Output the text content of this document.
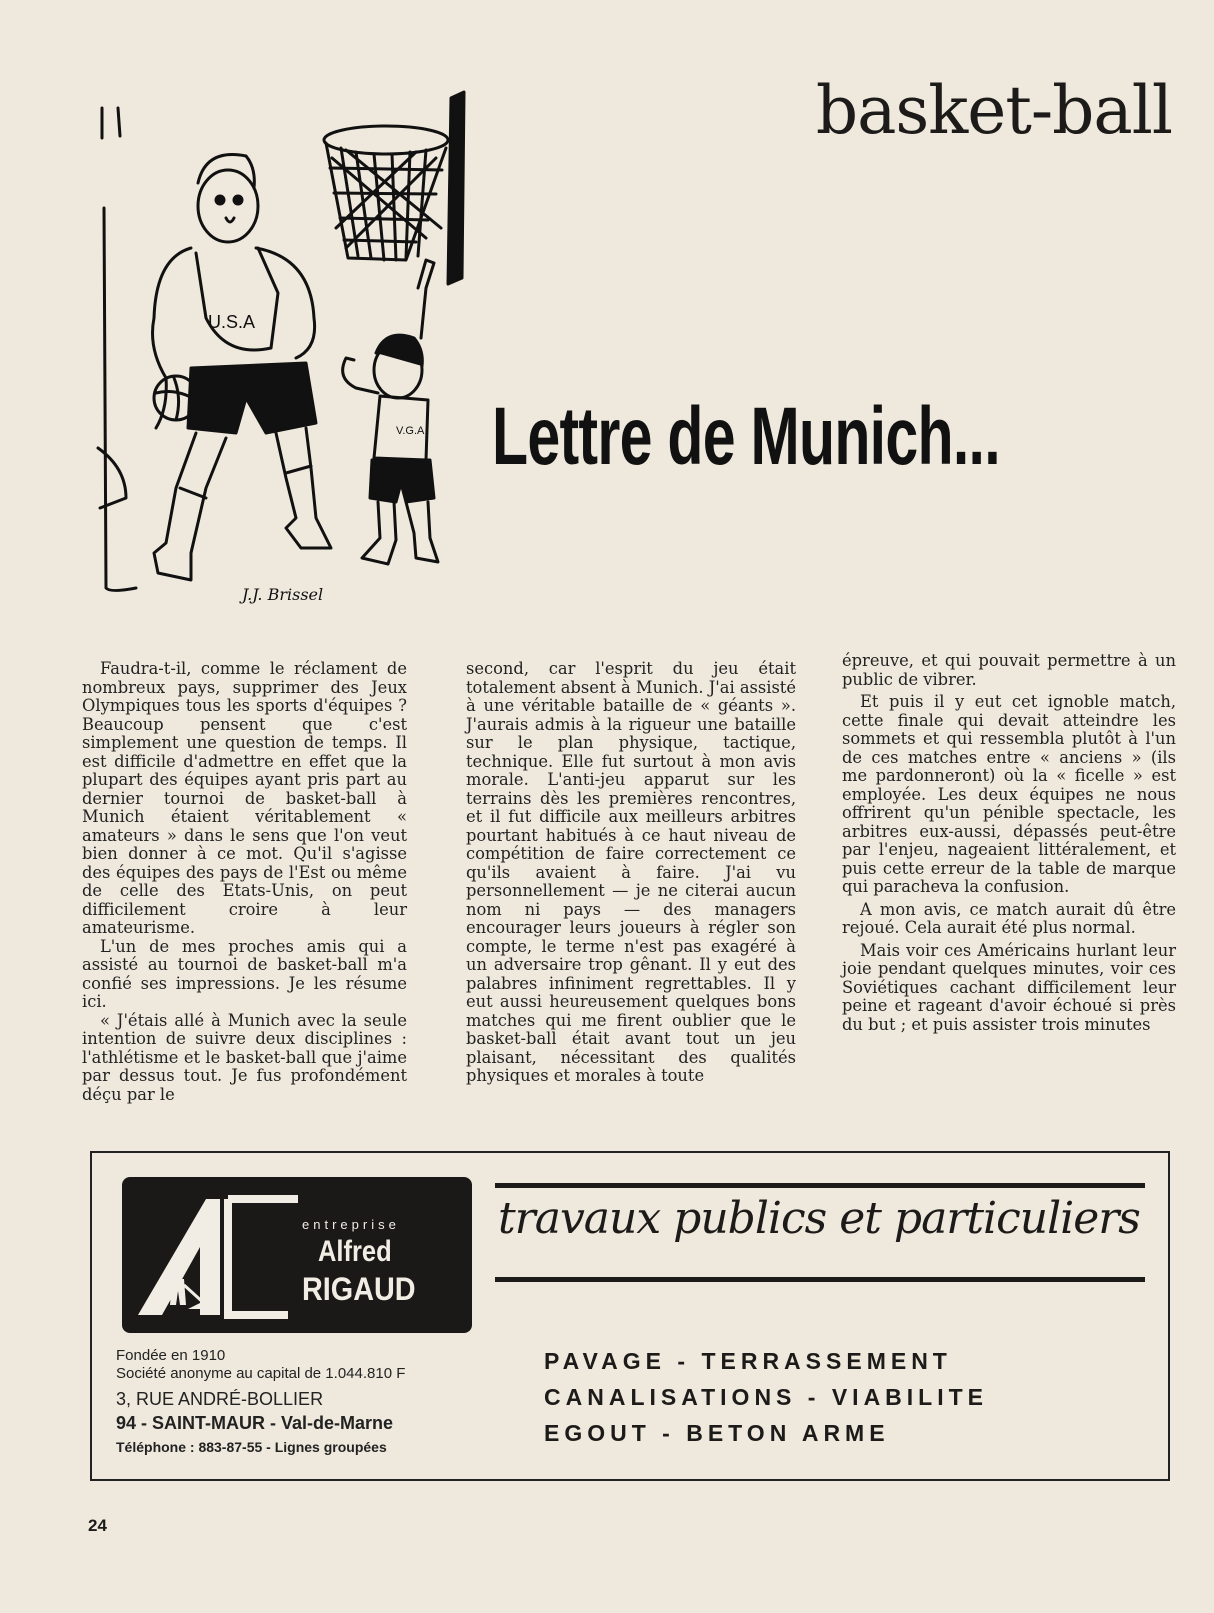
basket-ball
U.S.A
V.G.A
J.J. Brissel
Lettre de Munich...

Faudra-t-il, comme le réclament de nombreux pays, supprimer des Jeux Olympiques tous les sports d'équipes ? Beaucoup pensent que c'est simplement une question de temps. Il est difficile d'admettre en effet que la plupart des équipes ayant pris part au dernier tournoi de basket-ball à Munich étaient véritablement « amateurs » dans le sens que l'on veut bien donner à ce mot. Qu'il s'agisse des équipes des pays de l'Est ou même de celle des Etats-Unis, on peut difficilement croire à leur amateurisme.

L'un de mes proches amis qui a assisté au tournoi de basket-ball m'a confié ses impressions. Je les résume ici.

« J'étais allé à Munich avec la seule intention de suivre deux disciplines : l'athlétisme et le basket-ball que j'aime par dessus tout. Je fus profondément déçu par le

second, car l'esprit du jeu était totalement absent à Munich. J'ai assisté à une véritable bataille de « géants ». J'aurais admis à la rigueur une bataille sur le plan physique, tactique, technique. Elle fut surtout à mon avis morale. L'anti-jeu apparut sur les terrains dès les premières rencontres, et il fut difficile aux meilleurs arbitres pourtant habitués à ce haut niveau de compétition de faire correctement ce qu'ils avaient à faire. J'ai vu personnellement — je ne citerai aucun nom ni pays — des managers encourager leurs joueurs à régler son compte, le terme n'est pas exagéré à un adversaire trop gênant. Il y eut des palabres infiniment regrettables. Il y eut aussi heureusement quelques bons matches qui me firent oublier que le basket-ball était avant tout un jeu plaisant, nécessitant des qualités physiques et morales à toute

épreuve, et qui pouvait permettre à un public de vibrer.

Et puis il y eut cet ignoble match, cette finale qui devait atteindre les sommets et qui ressembla plutôt à l'un de ces matches entre « anciens » (ils me pardonneront) où la « ficelle » est employée. Les deux équipes ne nous offrirent qu'un pénible spectacle, les arbitres eux-aussi, dépassés peut-être par l'enjeu, nageaient littéralement, et puis cette erreur de la table de marque qui paracheva la confusion.

A mon avis, ce match aurait dû être rejoué. Cela aurait été plus normal.

Mais voir ces Américains hurlant leur joie pendant quelques minutes, voir ces Soviétiques cachant difficilement leur peine et rageant d'avoir échoué si près du but ; et puis assister trois minutes

entreprise
Alfred
RIGAUD
travaux publics et particuliers
Fondée en 1910
Société anonyme au capital de 1.044.810 F
3, RUE ANDRÉ-BOLLIER
94 - SAINT-MAUR - Val-de-Marne
Téléphone : 883-87-55 - Lignes groupées
PAVAGE - TERRASSEMENT
CANALISATIONS - VIABILITE
EGOUT - BETON ARME
24
